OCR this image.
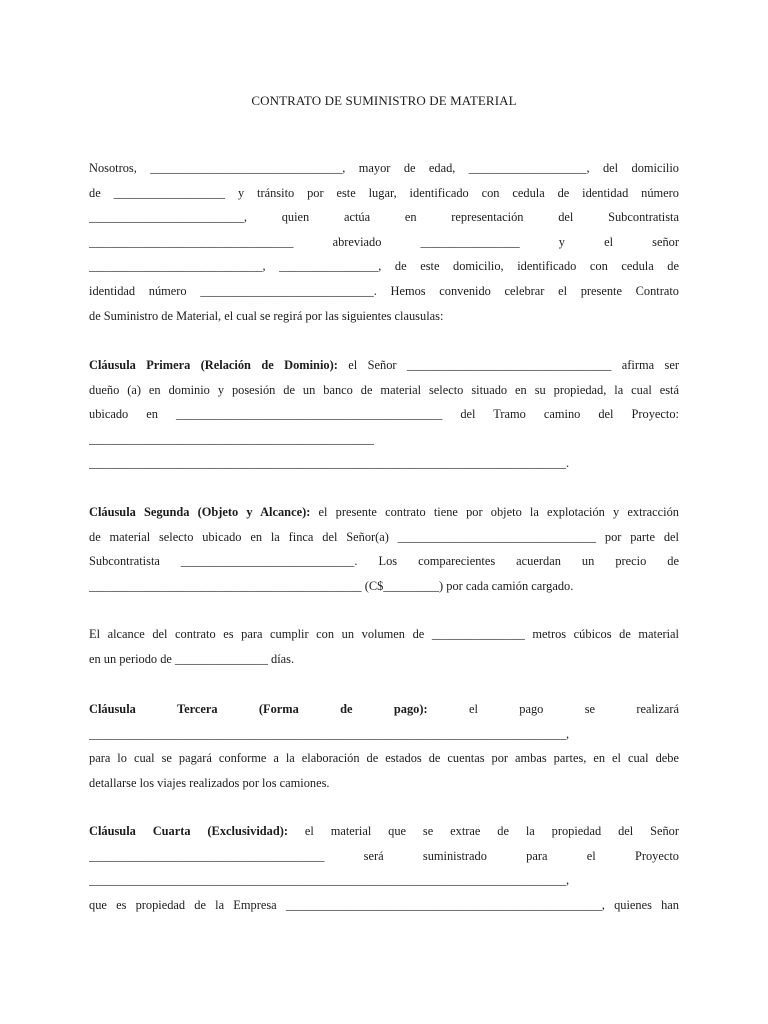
CONTRATO DE SUMINISTRO DE MATERIAL
Nosotros, _______________________________, mayor de edad, ___________________, del domicilio
de __________________ y tránsito por este lugar, identificado con cedula de identidad número
_________________________, quien actúa en representación del Subcontratista
_________________________________ abreviado ________________ y el señor
____________________________, ________________, de este domicilio, identificado con cedula de
identidad número ____________________________. Hemos convenido celebrar el presente Contrato
de Suministro de Material, el cual se regirá por las siguientes clausulas:
Cláusula Primera (Relación de Dominio): el Señor _________________________________ afirma ser
dueño (a) en dominio y posesión de un banco de material selecto situado en su propiedad, la cual está
ubicado en ___________________________________________ del Tramo camino del Proyecto:
______________________________________________
_____________________________________________________________________________.
Cláusula Segunda (Objeto y Alcance): el presente contrato tiene por objeto la explotación y extracción
de material selecto ubicado en la finca del Señor(a) ________________________________ por parte del
Subcontratista ____________________________. Los comparecientes acuerdan un precio de
____________________________________________ (C$_________) por cada camión cargado.
El alcance del contrato es para cumplir con un volumen de _______________ metros cúbicos de material
en un periodo de _______________ días.
Cláusula Tercera (Forma de pago): el pago se realizará
_____________________________________________________________________________,
para lo cual se pagará conforme a la elaboración de estados de cuentas por ambas partes, en el cual debe
detallarse los viajes realizados por los camiones.
Cláusula Cuarta (Exclusividad): el material que se extrae de la propiedad del Señor
______________________________________ será suministrado para el Proyecto
_____________________________________________________________________________,
que es propiedad de la Empresa ___________________________________________________, quienes han
